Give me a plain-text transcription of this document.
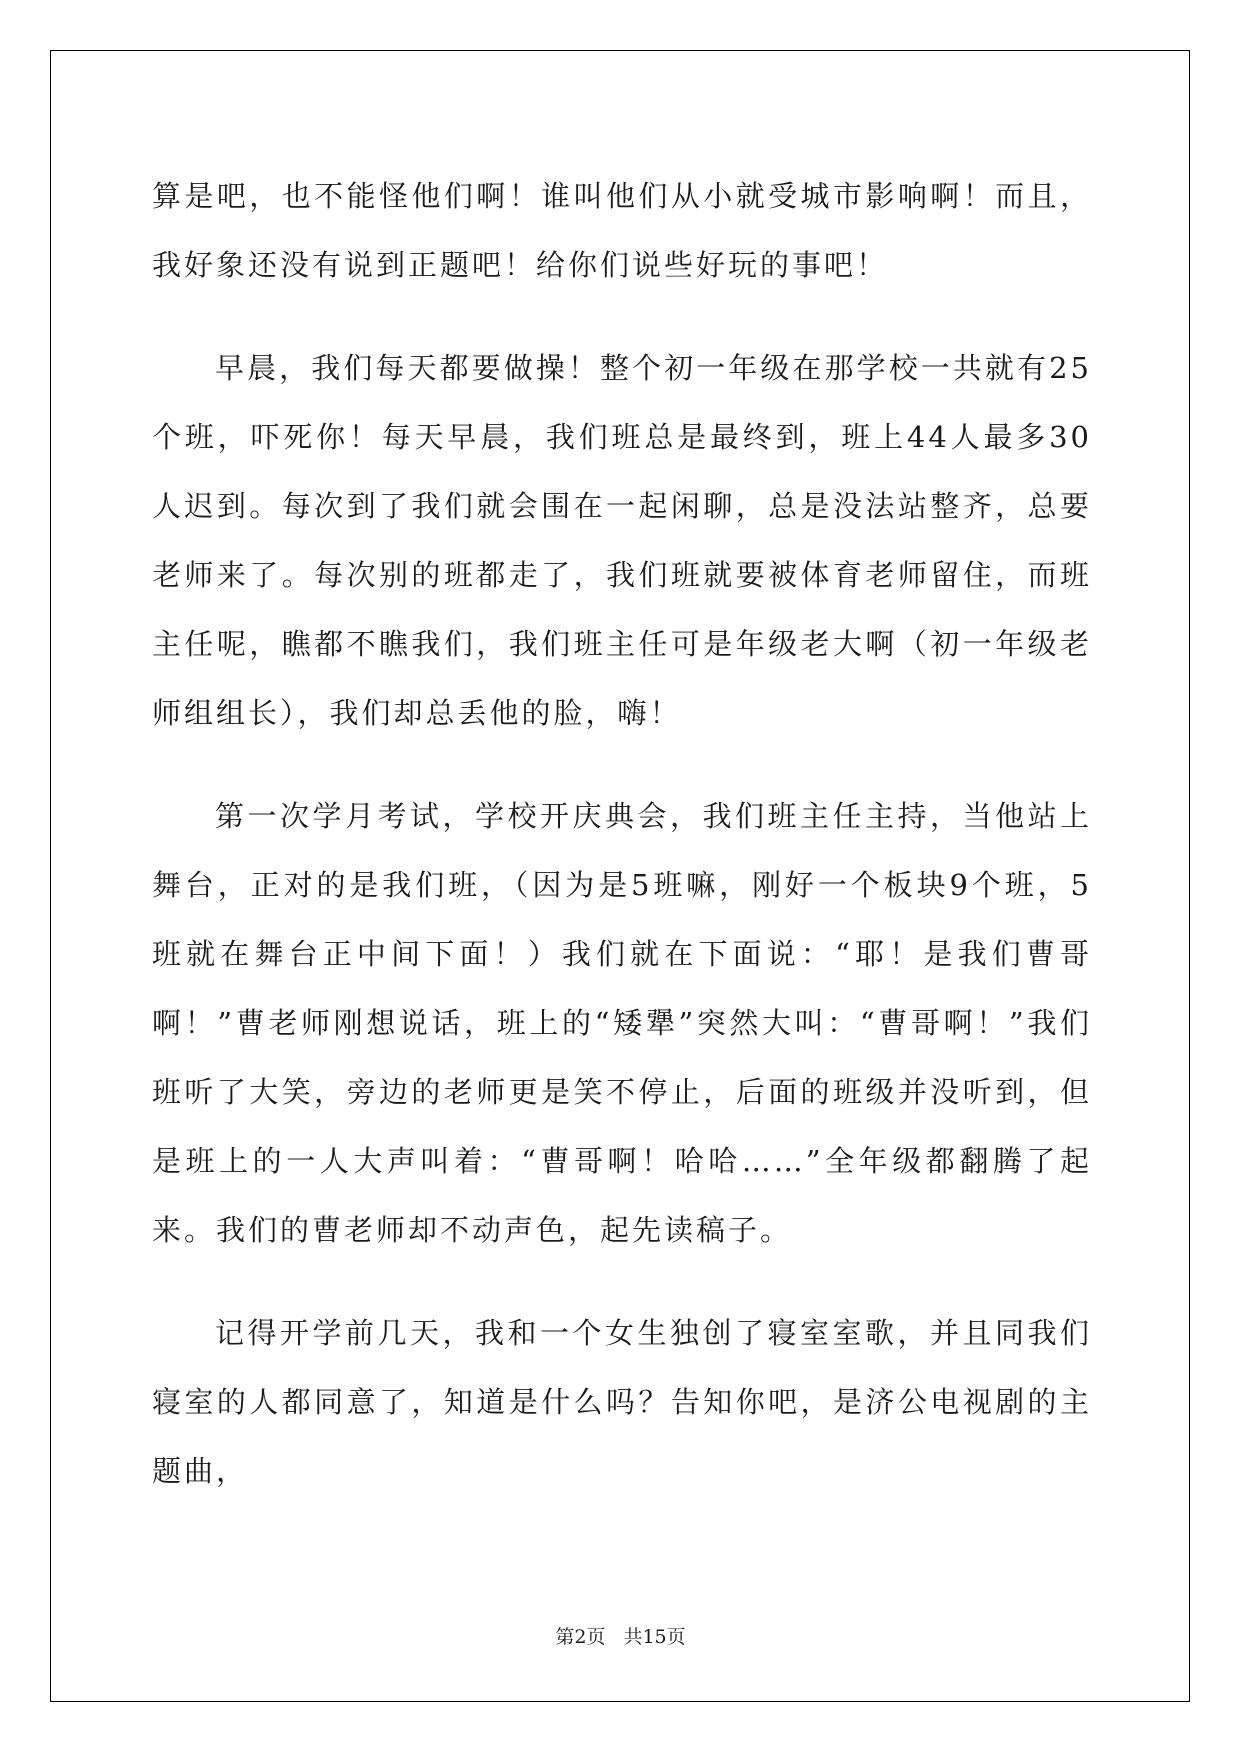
算是吧，也不能怪他们啊！谁叫他们从小就受城市影响啊！而且，我好象还没有说到正题吧！给你们说些好玩的事吧！

早晨，我们每天都要做操！整个初一年级在那学校一共就有25个班，吓死你！每天早晨，我们班总是最终到，班上44人最多30人迟到。每次到了我们就会围在一起闲聊，总是没法站整齐，总要老师来了。每次别的班都走了，我们班就要被体育老师留住，而班主任呢，瞧都不瞧我们，我们班主任可是年级老大啊（初一年级老师组组长），我们却总丢他的脸，嗨！

第一次学月考试，学校开庆典会，我们班主任主持，当他站上舞台，正对的是我们班，（因为是5班嘛，刚好一个板块9个班，5班就在舞台正中间下面！）我们就在下面说：“耶！是我们曹哥啊！”曹老师刚想说话，班上的“矮犟”突然大叫：“曹哥啊！”我们班听了大笑，旁边的老师更是笑不停止，后面的班级并没听到，但是班上的一人大声叫着：“曹哥啊！哈哈……”全年级都翻腾了起来。我们的曹老师却不动声色，起先读稿子。

记得开学前几天，我和一个女生独创了寝室室歌，并且同我们寝室的人都同意了，知道是什么吗？告知你吧，是济公电视剧的主题曲，

第2页 共15页
